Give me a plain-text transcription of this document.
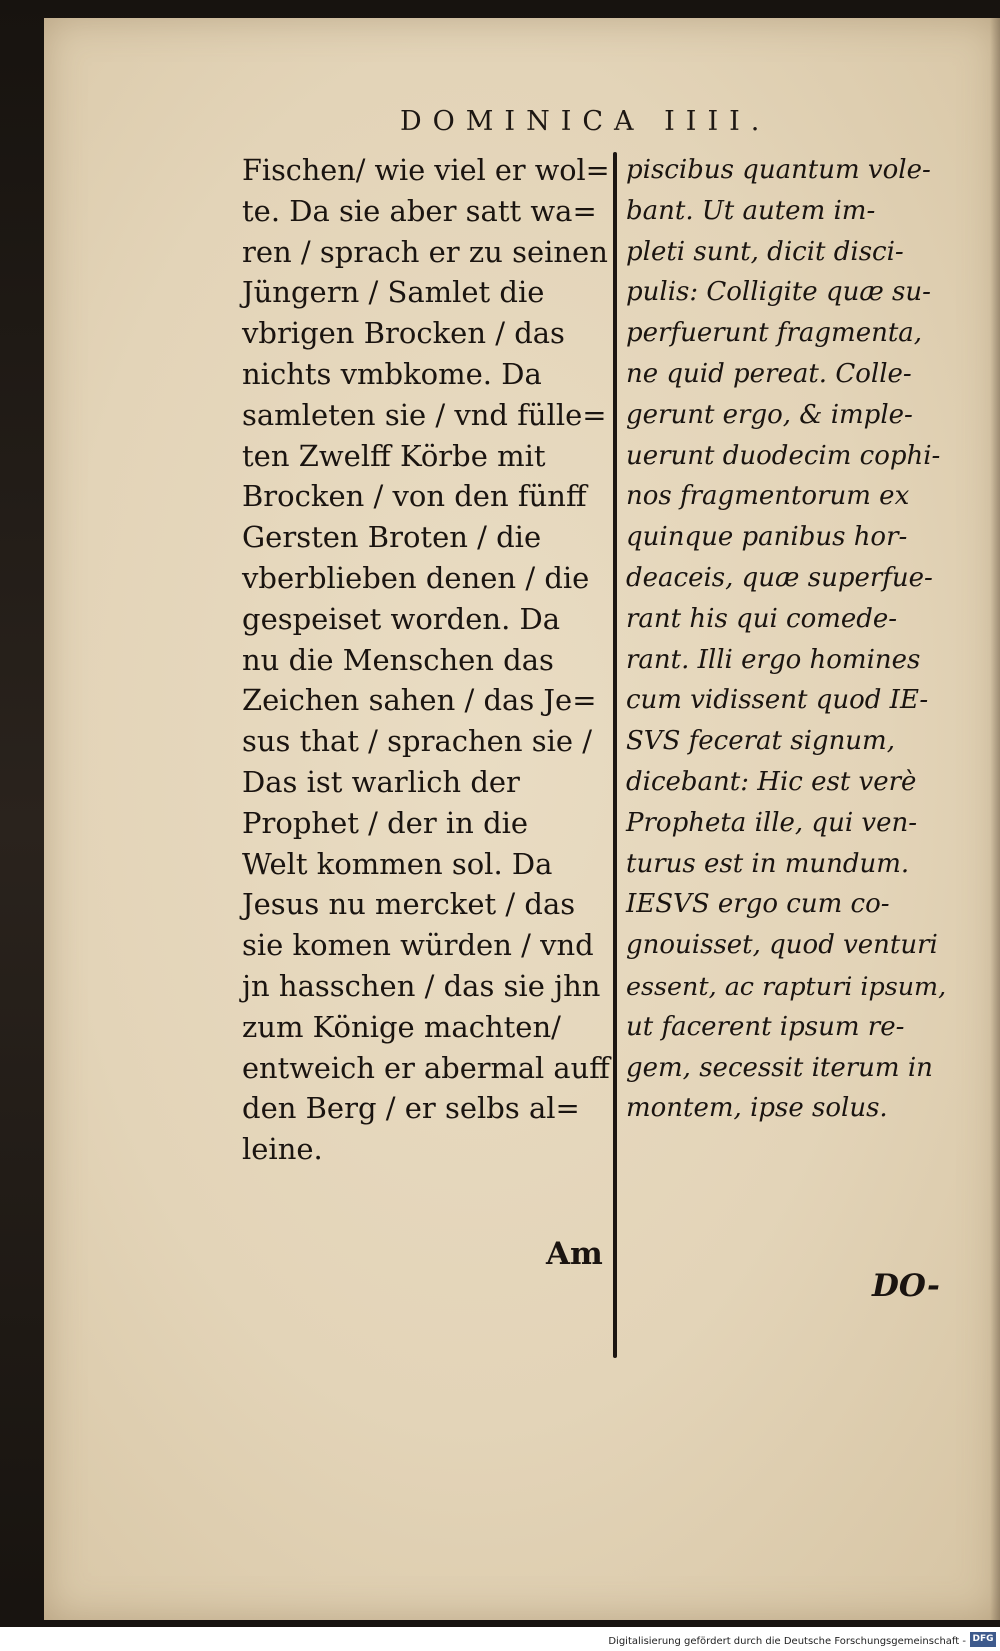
DOMINICA IIII.
Fischen/ wie viel er wol=
te. Da sie aber satt wa=
ren / sprach er zu seinen
Jüngern / Samlet die
vbrigen Brocken / das
nichts vmbkome. Da
samleten sie / vnd fülle=
ten Zwelff Körbe mit
Brocken / von den fünff
Gersten Broten / die
vberblieben denen / die
gespeiset worden. Da
nu die Menschen das
Zeichen sahen / das Je=
sus that / sprachen sie /
Das ist warlich der
Prophet / der in die
Welt kommen sol. Da
Jesus nu mercket / das
sie komen würden / vnd
jn hasschen / das sie jhn
zum Könige machten/
entweich er abermal auff
den Berg / er selbs al=
leine.
Am
piscibus quantum vole-
bant. Ut autem im-
pleti sunt, dicit disci-
pulis: Colligite quæ su-
perfuerunt fragmenta,
ne quid pereat. Colle-
gerunt ergo, & imple-
uerunt duodecim cophi-
nos fragmentorum ex
quinque panibus hor-
deaceis, quæ superfue-
rant his qui comede-
rant. Illi ergo homines
cum vidissent quod IE-
SVS fecerat signum,
dicebant: Hic est verè
Propheta ille, qui ven-
turus est in mundum.
IESVS ergo cum co-
gnouisset, quod venturi
essent, ac rapturi ipsum,
ut facerent ipsum re-
gem, secessit iterum in
montem, ipse solus.
DO-
Digitalisierung gefördert durch die Deutsche Forschungsgemeinschaft - DFG
